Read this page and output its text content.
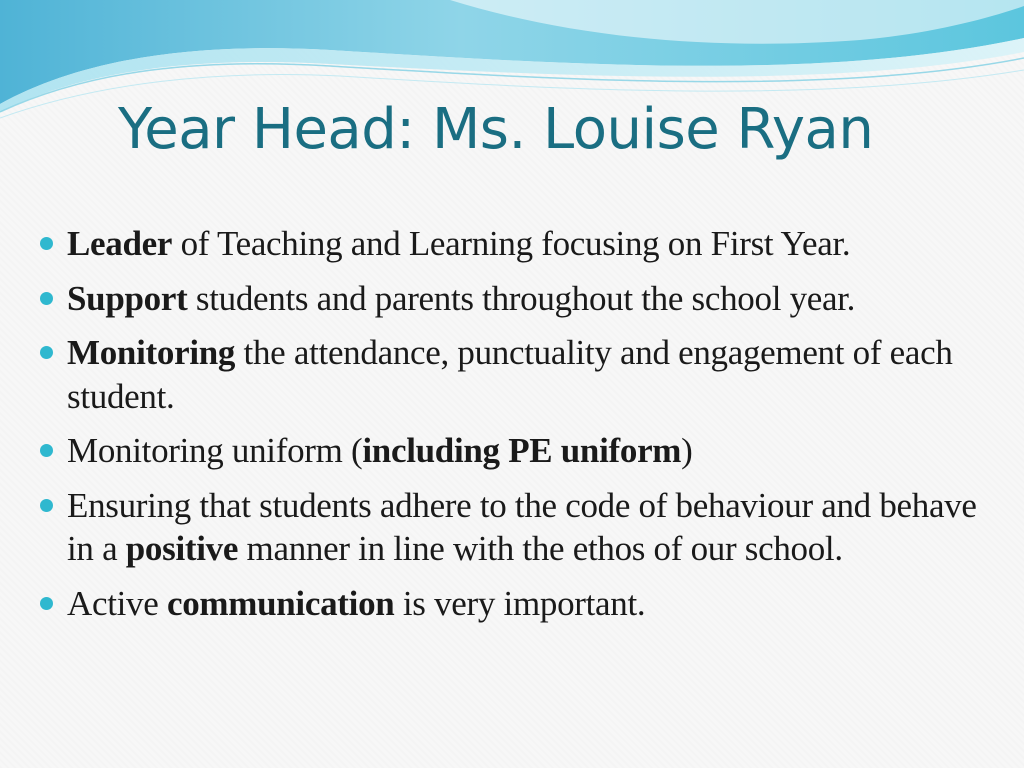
Year Head: Ms. Louise Ryan
Leader of Teaching and Learning focusing on First Year.
Support students and parents throughout the school year.
Monitoring the attendance, punctuality and engagement of each student.
Monitoring uniform (including PE uniform)
Ensuring that students adhere to the code of behaviour and behave in a positive manner in line with the ethos of our school.
Active communication is very important.
